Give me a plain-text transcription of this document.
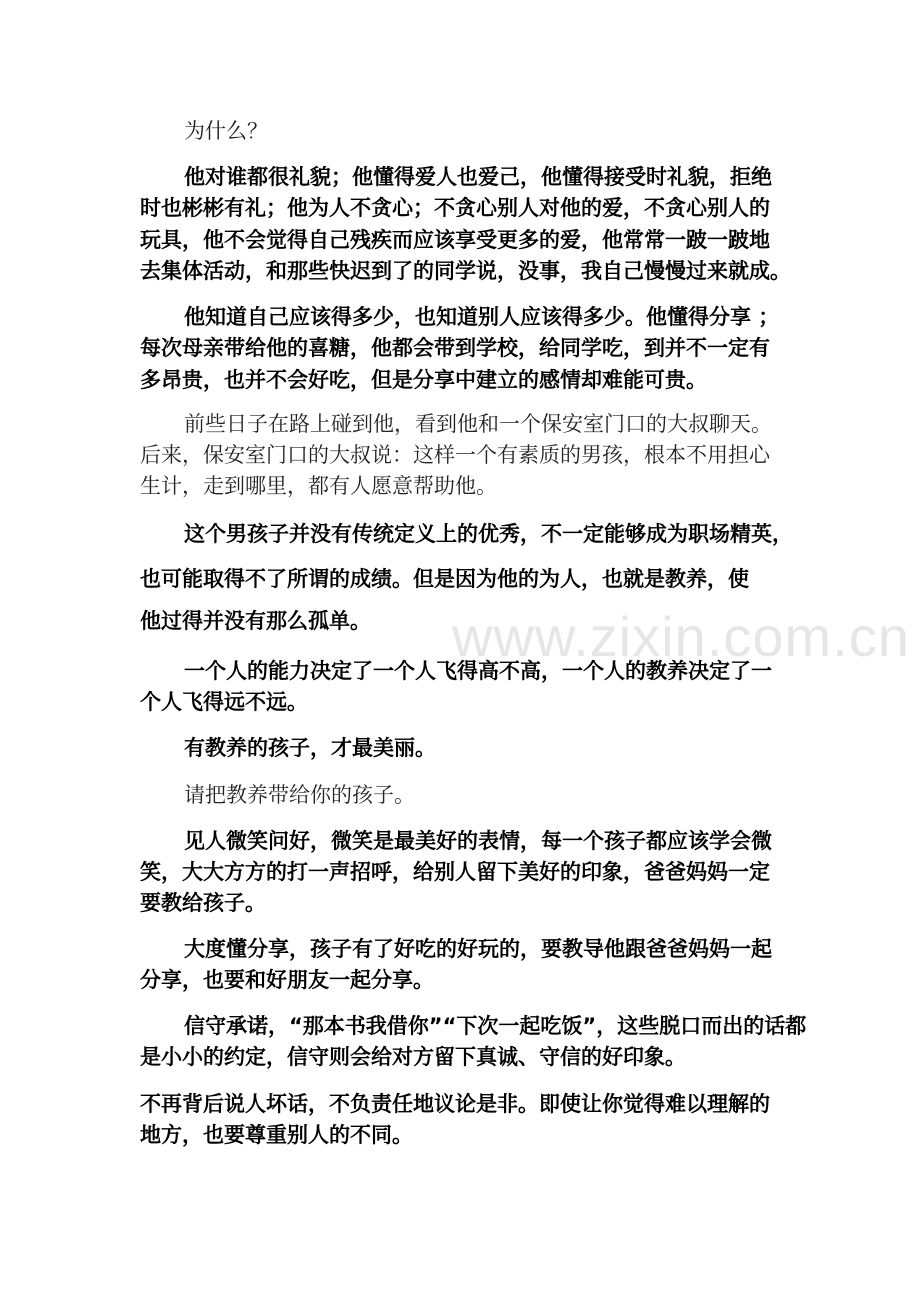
www.zixin.com.cn
为什么？
他对谁都很礼貌；他懂得爱人也爱己，他懂得接受时礼貌，拒绝
时也彬彬有礼；他为人不贪心；不贪心别人对他的爱，不贪心别人的
玩具，他不会觉得自己残疾而应该享受更多的爱，他常常一跛一跛地
去集体活动，和那些快迟到了的同学说，没事，我自己慢慢过来就成。
他知道自己应该得多少，也知道别人应该得多少。他懂得分享 ；
每次母亲带给他的喜糖，他都会带到学校，给同学吃，到并不一定有
多昂贵，也并不会好吃，但是分享中建立的感情却难能可贵。
前些日子在路上碰到他，看到他和一个保安室门口的大叔聊天。
后来，保安室门口的大叔说：这样一个有素质的男孩，根本不用担心
生计，走到哪里，都有人愿意帮助他。
这个男孩子并没有传统定义上的优秀，不一定能够成为职场精英，
也可能取得不了所谓的成绩。但是因为他的为人，也就是教养，使
他过得并没有那么孤单。
一个人的能力决定了一个人飞得高不高，一个人的教养决定了一
个人飞得远不远。
有教养的孩子，才最美丽。
请把教养带给你的孩子。
见人微笑问好，微笑是最美好的表情，每一个孩子都应该学会微
笑，大大方方的打一声招呼，给别人留下美好的印象，爸爸妈妈一定
要教给孩子。
大度懂分享，孩子有了好吃的好玩的，要教导他跟爸爸妈妈一起
分享，也要和好朋友一起分享。
信守承诺，“那本书我借你”“下次一起吃饭”，这些脱口而出的话都
是小小的约定，信守则会给对方留下真诚、守信的好印象。
不再背后说人坏话，不负责任地议论是非。即使让你觉得难以理解的
地方，也要尊重别人的不同。
